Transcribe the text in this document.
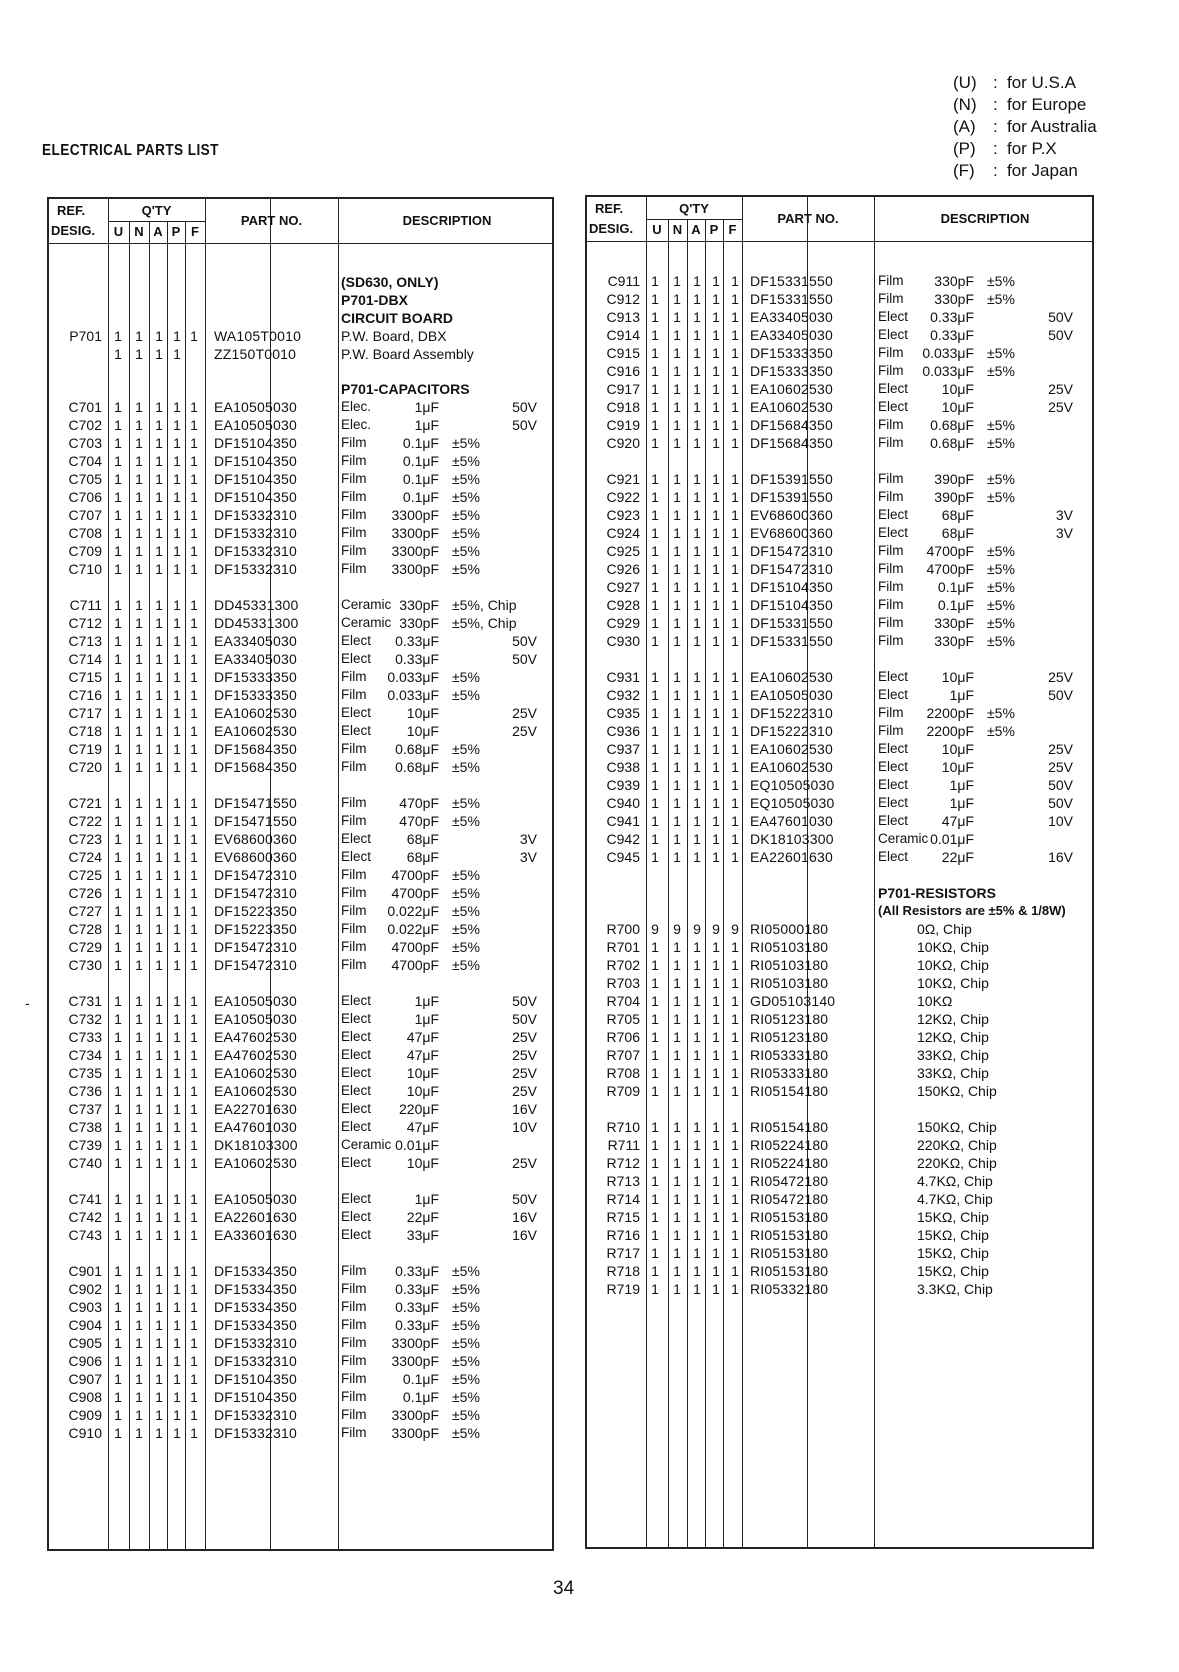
(U) : for U.S.A
(N) : for Europe
(A) : for Australia
(P) : for P.X
(F) : for Japan
ELECTRICAL PARTS LIST
REF.
DESIG.
Q'TY
U N A P F
PART NO.	DESCRIPTION
(SD630, ONLY)
P701-DBX
CIRCUIT BOARD
P701 1 1 1 1 1 WA105T0010	P.W. Board, DBX
1 1 1 1 ZZ150T0010	P.W. Board Assembly
P701-CAPACITORS
C701 1 1 1 1 1 EA10505030	Elec.	1μF	50V
C702 1 1 1 1 1 EA10505030	Elec.	1μF	50V
C703 1 1 1 1 1 DF15104350	Film	0.1μF ±5%
C704 1 1 1 1 1 DF15104350	Film	0.1μF ±5%
C705 1 1 1 1 1 DF15104350	Film	0.1μF ±5%
C706 1 1 1 1 1 DF15104350	Film	0.1μF ±5%
C707 1 1 1 1 1 DF15332310	Film 3300pF ±5%
C708 1 1 1 1 1 DF15332310	Film 3300pF ±5%
C709 1 1 1 1 1 DF15332310	Film 3300pF ±5%
C710 1 1 1 1 1 DF15332310	Film 3300pF ±5%
C711 1 1 1 1 1 DD45331300	Ceramic 330pF ±5%, Chip
C712 1 1 1 1 1 DD45331300	Ceramic 330pF ±5%, Chip
C713 1 1 1 1 1 EA33405030	Elect 0.33μF	50V
C714 1 1 1 1 1 EA33405030	Elect 0.33μF	50V
C715 1 1 1 1 1 DF15333350	Film 0.033μF ±5%
C716 1 1 1 1 1 DF15333350	Film 0.033μF ±5%
C717 1 1 1 1 1 EA10602530	Elect	10μF	25V
C718 1 1 1 1 1 EA10602530	Elect	10μF	25V
C719 1 1 1 1 1 DF15684350	Film 0.68μF ±5%
C720 1 1 1 1 1 DF15684350	Film 0.68μF ±5%
C721 1 1 1 1 1 DF15471550	Film 470pF ±5%
C722 1 1 1 1 1 DF15471550	Film 470pF ±5%
C723 1 1 1 1 1 EV68600360	Elect	68μF	3V
C724 1 1 1 1 1 EV68600360	Elect	68μF	3V
C725 1 1 1 1 1 DF15472310	Film 4700pF ±5%
C726 1 1 1 1 1 DF15472310	Film 4700pF ±5%
C727 1 1 1 1 1 DF15223350	Film 0.022μF ±5%
C728 1 1 1 1 1 DF15223350	Film 0.022μF ±5%
C729 1 1 1 1 1 DF15472310	Film 4700pF ±5%
C730 1 1 1 1 1 DF15472310	Film 4700pF ±5%
C731 1 1 1 1 1 EA10505030	Elect	1μF	50V
C732 1 1 1 1 1 EA10505030	Elect	1μF	50V
C733 1 1 1 1 1 EA47602530	Elect	47μF	25V
C734 1 1 1 1 1 EA47602530	Elect	47μF	25V
C735 1 1 1 1 1 EA10602530	Elect	10μF	25V
C736 1 1 1 1 1 EA10602530	Elect	10μF	25V
C737 1 1 1 1 1 EA22701630	Elect 220μF	16V
C738 1 1 1 1 1 EA47601030	Elect	47μF	10V
C739 1 1 1 1 1 DK18103300	Ceramic 0.01μF
C740 1 1 1 1 1 EA10602530	Elect	10μF	25V
C741 1 1 1 1 1 EA10505030	Elect	1μF	50V
C742 1 1 1 1 1 EA22601630	Elect	22μF	16V
C743 1 1 1 1 1 EA33601630	Elect	33μF	16V
C901 1 1 1 1 1 DF15334350	Film 0.33μF ±5%
C902 1 1 1 1 1 DF15334350	Film 0.33μF ±5%
C903 1 1 1 1 1 DF15334350	Film 0.33μF ±5%
C904 1 1 1 1 1 DF15334350	Film 0.33μF ±5%
C905 1 1 1 1 1 DF15332310	Film 3300pF ±5%
C906 1 1 1 1 1 DF15332310	Film 3300pF ±5%
C907 1 1 1 1 1 DF15104350	Film	0.1μF ±5%
C908 1 1 1 1 1 DF15104350	Film	0.1μF ±5%
C909 1 1 1 1 1 DF15332310	Film 3300pF ±5%
C910 1 1 1 1 1 DF15332310	Film 3300pF ±5%
REF.
DESIG.
Q'TY
U N A P F
PART NO.	DESCRIPTION
C911 1 1 1 1 1 DF15331550	Film 330pF ±5%
C912 1 1 1 1 1 DF15331550	Film 330pF ±5%
C913 1 1 1 1 1 EA33405030	Elect 0.33μF	50V
C914 1 1 1 1 1 EA33405030	Elect 0.33μF	50V
C915 1 1 1 1 1 DF15333350	Film 0.033μF ±5%
C916 1 1 1 1 1 DF15333350	Film 0.033μF ±5%
C917 1 1 1 1 1 EA10602530	Elect 10μF	25V
C918 1 1 1 1 1 EA10602530	Elect 10μF	25V
C919 1 1 1 1 1 DF15684350	Film 0.68μF ±5%
C920 1 1 1 1 1 DF15684350	Film 0.68μF ±5%
C921 1 1 1 1 1 DF15391550	Film 390pF ±5%
C922 1 1 1 1 1 DF15391550	Film 390pF ±5%
C923 1 1 1 1 1 EV68600360	Elect 68μF	3V
C924 1 1 1 1 1 EV68600360	Elect 68μF	3V
C925 1 1 1 1 1 DF15472310	Film 4700pF ±5%
C926 1 1 1 1 1 DF15472310	Film 4700pF ±5%
C927 1 1 1 1 1 DF15104350	Film 0.1μF ±5%
C928 1 1 1 1 1 DF15104350	Film 0.1μF ±5%
C929 1 1 1 1 1 DF15331550	Film 330pF ±5%
C930 1 1 1 1 1 DF15331550	Film 330pF ±5%
C931 1 1 1 1 1 EA10602530	Elect 10μF	25V
C932 1 1 1 1 1 EA10505030	Elect	1μF	50V
C935 1 1 1 1 1 DF15222310	Film 2200pF ±5%
C936 1 1 1 1 1 DF15222310	Film 2200pF ±5%
C937 1 1 1 1 1 EA10602530	Elect 10μF	25V
C938 1 1 1 1 1 EA10602530	Elect 10μF	25V
C939 1 1 1 1 1 EQ10505030	Elect	1μF	50V
C940 1 1 1 1 1 EQ10505030	Elect	1μF	50V
C941 1 1 1 1 1 EA47601030	Elect 47μF	10V
C942 1 1 1 1 1 DK18103300	Ceramic 0.01μF
C945 1 1 1 1 1 EA22601630	Elect 22μF	16V
P701-RESISTORS
(All Resistors are ±5% & 1/8W)
R700 9 9 9 9 9 RI05000180	0Ω, Chip
R701 1 1 1 1 1 RI05103180	10KΩ, Chip
R702 1 1 1 1 1 RI05103180	10KΩ, Chip
R703 1 1 1 1 1 RI05103180	10KΩ, Chip
R704 1 1 1 1 1 GD05103140	10KΩ
R705 1 1 1 1 1 RI05123180	12KΩ, Chip
R706 1 1 1 1 1 RI05123180	12KΩ, Chip
R707 1 1 1 1 1 RI05333180	33KΩ, Chip
R708 1 1 1 1 1 RI05333180	33KΩ, Chip
R709 1 1 1 1 1 RI05154180	150KΩ, Chip
R710 1 1 1 1 1 RI05154180	150KΩ, Chip
R711 1 1 1 1 1 RI05224180	220KΩ, Chip
R712 1 1 1 1 1 RI05224180	220KΩ, Chip
R713 1 1 1 1 1 RI05472180	4.7KΩ, Chip
R714 1 1 1 1 1 RI05472180	4.7KΩ, Chip
R715 1 1 1 1 1 RI05153180	15KΩ, Chip
R716 1 1 1 1 1 RI05153180	15KΩ, Chip
R717 1 1 1 1 1 RI05153180	15KΩ, Chip
R718 1 1 1 1 1 RI05153180	15KΩ, Chip
R719 1 1 1 1 1 RI05332180	3.3KΩ, Chip
-
34
